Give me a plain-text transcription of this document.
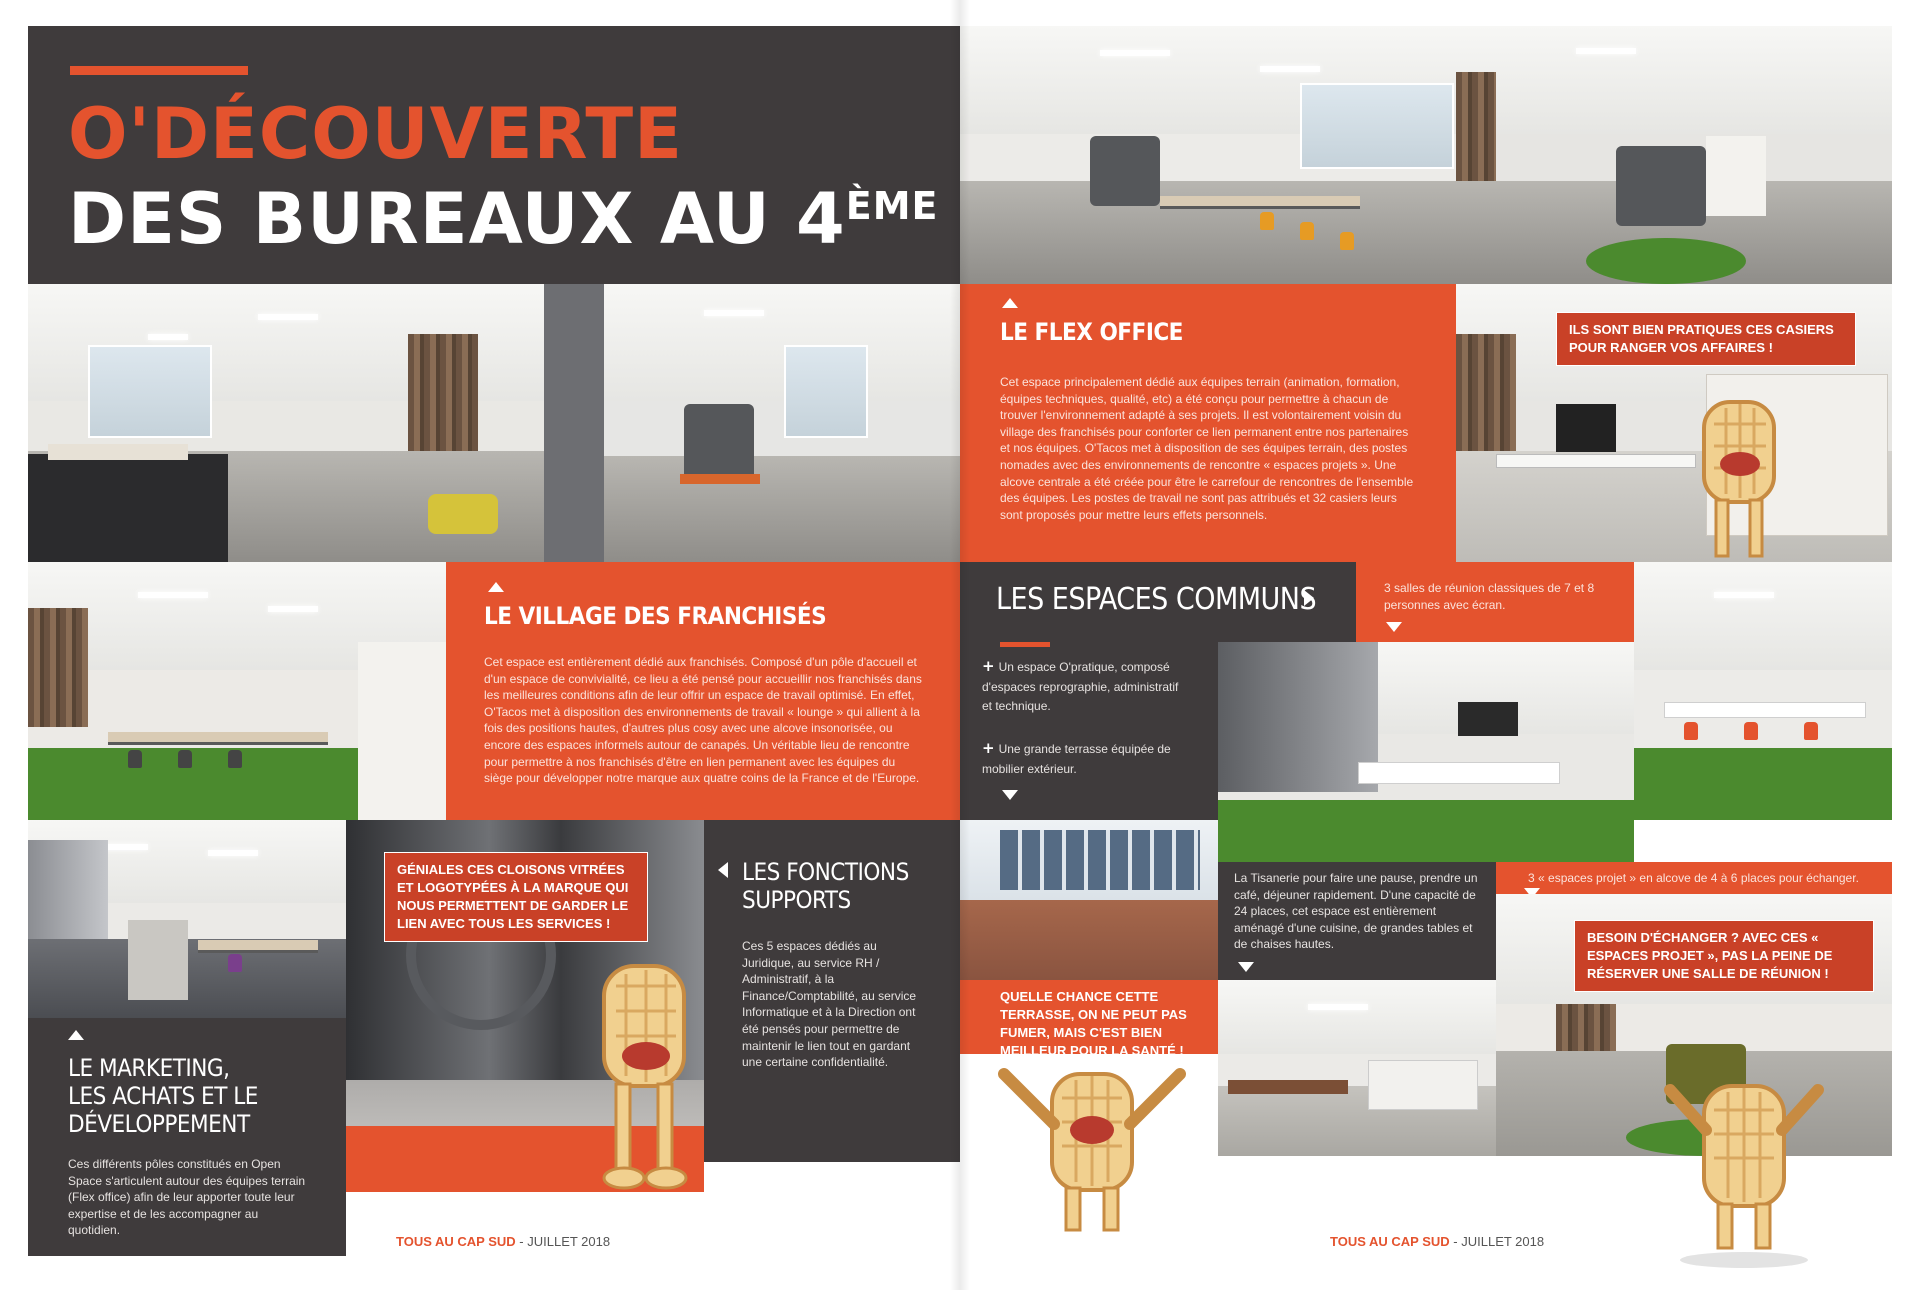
O'DÉCOUVERTE
DES BUREAUX AU 4ÈME
LE VILLAGE DES FRANCHISÉS

Cet espace est entièrement dédié aux franchisés. Composé d'un pôle d'accueil et d'un espace de convivialité, ce lieu a été pensé pour accueillir nos franchisés dans les meilleures conditions afin de leur offrir un espace de travail optimisé. En effet, O'Tacos met à disposition des environnements de travail « lounge » qui allient à la fois des positions hautes, d'autres plus cosy avec une alcove insonorisée, ou encore des espaces informels autour de canapés. Un véritable lieu de rencontre pour permettre à nos franchisés d'être en lien permanent avec les équipes du siège pour développer notre marque aux quatre coins de la France et de l'Europe.

LES FONCTIONS
SUPPORTS

Ces 5 espaces dédiés au Juridique, au service RH / Administratif, à la Finance/Comptabilité, au service Informatique et à la Direction ont été pensés pour permettre de maintenir le lien tout en gardant une certaine confidentialité.

LE MARKETING,
LES ACHATS ET LE
DÉVELOPPEMENT

Ces différents pôles constitués en Open Space s'articulent autour des équipes terrain (Flex office) afin de leur apporter toute leur expertise et de les accompagner au quotidien.

GÉNIALES CES CLOISONS VITRÉES ET LOGOTYPÉES À LA MARQUE QUI NOUS PERMETTENT DE GARDER LE LIEN AVEC TOUS LES SERVICES !
TOUS AU CAP SUD - JUILLET 2018
LE FLEX OFFICE

Cet espace principalement dédié aux équipes terrain (animation, formation, équipes techniques, qualité, etc) a été conçu pour permettre à chacun de trouver l'environnement adapté à ses projets. Il est volontairement voisin du village des franchisés pour conforter ce lien permanent entre nos partenaires et nos équipes. O'Tacos met à disposition de ses équipes terrain, des postes nomades avec des environnements de rencontre « espaces projets ». Une alcove centrale a été créée pour être le carrefour de rencontres de l'ensemble des équipes. Les postes de travail ne sont pas attribués et 32 casiers leurs sont proposés pour mettre leurs effets personnels.

ILS SONT BIEN PRATIQUES CES CASIERS POUR RANGER VOS AFFAIRES !
LES ESPACES COMMUNS	3 salles de réunion classiques de 7 et 8 personnes avec écran.

+ Un espace O'pratique, composé d'espaces reprographie, administratif et technique.
+ Une grande terrasse équipée de mobilier extérieur.
QUELLE CHANCE CETTE TERRASSE, ON NE PEUT PAS FUMER, MAIS C'EST BIEN MEILLEUR POUR LA SANTÉ !

La Tisanerie pour faire une pause, prendre un café, déjeuner rapidement. D'une capacité de 24 places, cet espace est entièrement aménagé d'une cuisine, de grandes tables et de chaises hautes.

3 « espaces projet » en alcove de 4 à 6 places pour échanger.

BESOIN D'ÉCHANGER ? AVEC CES « ESPACES PROJET », PAS LA PEINE DE RÉSERVER UNE SALLE DE RÉUNION !
TOUS AU CAP SUD - JUILLET 2018
